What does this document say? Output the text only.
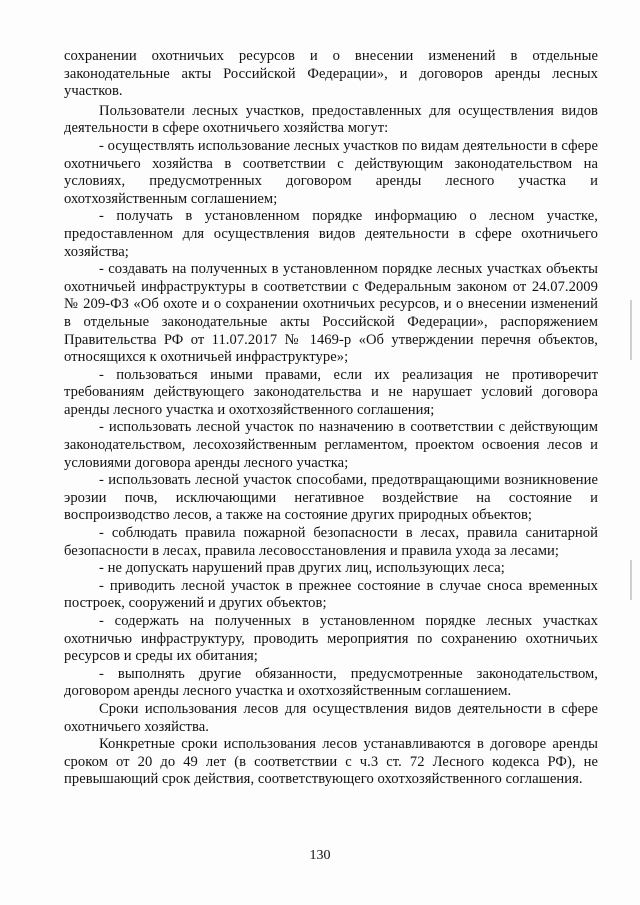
сохранении охотничьих ресурсов и о внесении изменений в отдельные законодательные акты Российской Федерации», и договоров аренды лесных участков.

Пользователи лесных участков, предоставленных для осуществления видов деятельности в сфере охотничьего хозяйства могут:

- осуществлять использование лесных участков по видам деятельности в сфере охотничьего хозяйства в соответствии с действующим законодательством на условиях, предусмотренных договором аренды лесного участка и охотхозяйственным соглашением;

- получать в установленном порядке информацию о лесном участке, предоставленном для осуществления видов деятельности в сфере охотничьего хозяйства;

- создавать на полученных в установленном порядке лесных участках объекты охотничьей инфраструктуры в соответствии с Федеральным законом от 24.07.2009 № 209-ФЗ «Об охоте и о сохранении охотничьих ресурсов, и о внесении изменений в отдельные законодательные акты Российской Федерации», распоряжением Правительства РФ от 11.07.2017 № 1469-р «Об утверждении перечня объектов, относящихся к охотничьей инфраструктуре»;

- пользоваться иными правами, если их реализация не противоречит требованиям действующего законодательства и не нарушает условий договора аренды лесного участка и охотхозяйственного соглашения;

- использовать лесной участок по назначению в соответствии с действующим законодательством, лесохозяйственным регламентом, проектом освоения лесов и условиями договора аренды лесного участка;

- использовать лесной участок способами, предотвращающими возникновение эрозии почв, исключающими негативное воздействие на состояние и воспроизводство лесов, а также на состояние других природных объектов;

- соблюдать правила пожарной безопасности в лесах, правила санитарной безопасности в лесах, правила лесовосстановления и правила ухода за лесами;

- не допускать нарушений прав других лиц, использующих леса;

- приводить лесной участок в прежнее состояние в случае сноса временных построек, сооружений и других объектов;

- содержать на полученных в установленном порядке лесных участках охотничью инфраструктуру, проводить мероприятия по сохранению охотничьих ресурсов и среды их обитания;

- выполнять другие обязанности, предусмотренные законодательством, договором аренды лесного участка и охотхозяйственным соглашением.

Сроки использования лесов для осуществления видов деятельности в сфере охотничьего хозяйства.

Конкретные сроки использования лесов устанавливаются в договоре аренды сроком от 20 до 49 лет (в соответствии с ч.3 ст. 72 Лесного кодекса РФ), не превышающий срок действия, соответствующего охотхозяйственного соглашения.

130
